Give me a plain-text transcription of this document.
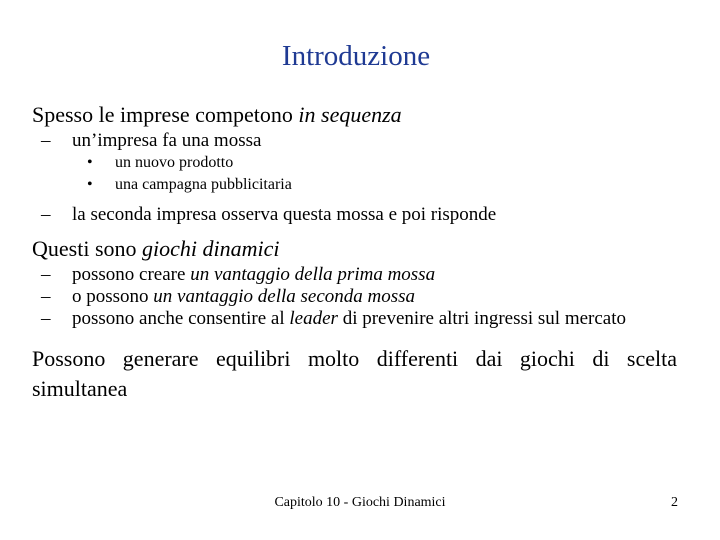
Introduzione

Spesso le imprese competono in sequenza

– un’impresa fa una mossa
• un nuovo prodotto
• una campagna pubblicitaria
– la seconda impresa osserva questa mossa e poi risponde

Questi sono giochi dinamici

– possono creare un vantaggio della prima mossa
– o possono un vantaggio della seconda mossa
– possono anche consentire al leader di prevenire altri ingressi sul mercato

Possono generare equilibri molto differenti dai giochi di scelta simultanea

Capitolo 10 - Giochi Dinamici	2
